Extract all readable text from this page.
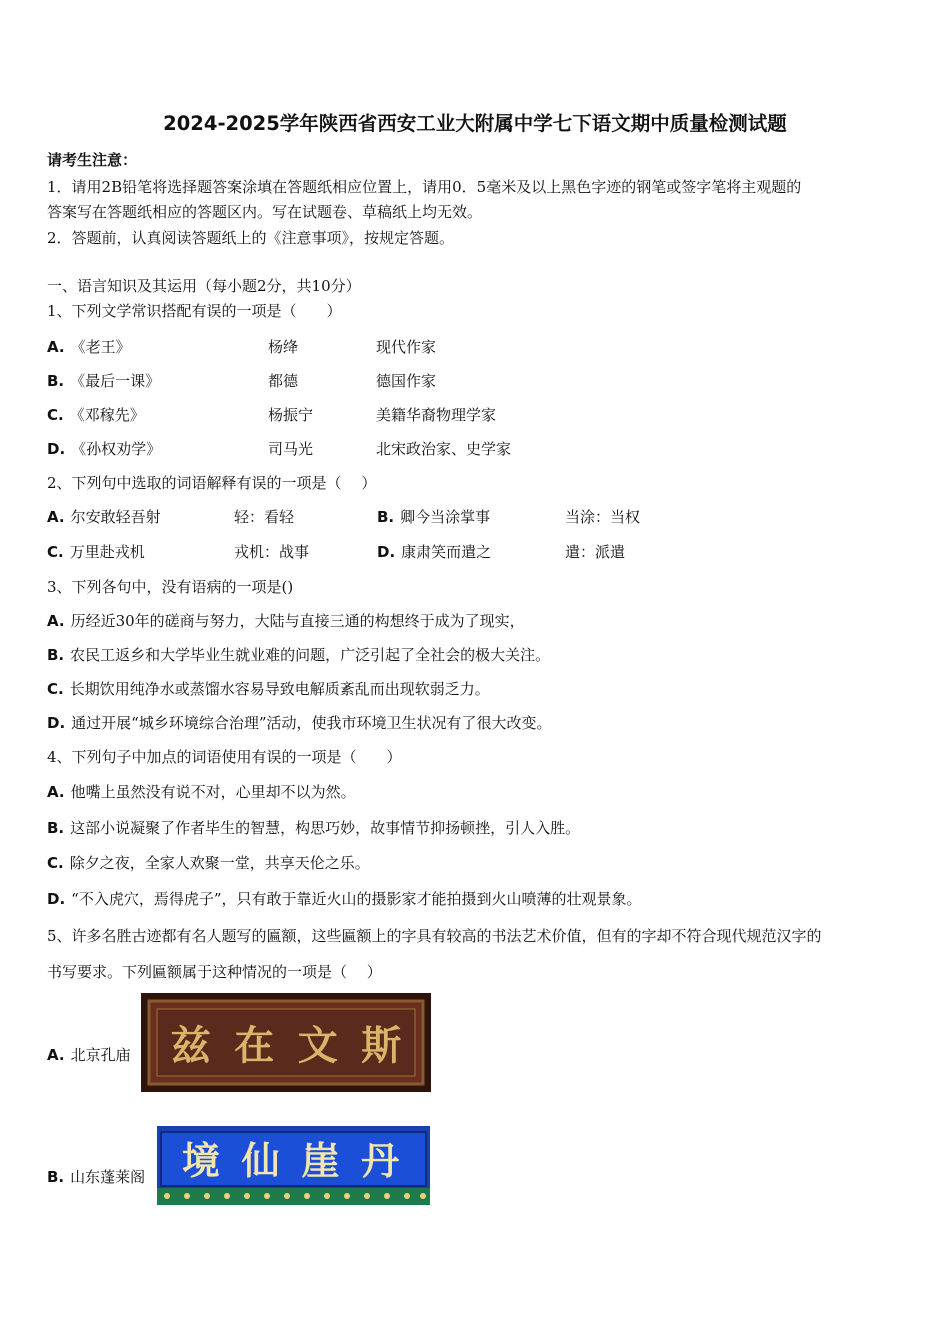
2024-2025学年陕西省西安工业大附属中学七下语文期中质量检测试题
请考生注意：
1．请用2B铅笔将选择题答案涂填在答题纸相应位置上，请用0．5毫米及以上黑色字迹的钢笔或签字笔将主观题的
答案写在答题纸相应的答题区内。写在试题卷、草稿纸上均无效。
2．答题前，认真阅读答题纸上的《注意事项》，按规定答题。
一、语言知识及其运用（每小题2分，共10分）
1、下列文学常识搭配有误的一项是（　　）
A. 《老王》	杨绛	现代作家
B. 《最后一课》	都德	德国作家
C. 《邓稼先》	杨振宁	美籍华裔物理学家
D. 《孙权劝学》	司马光	北宋政治家、史学家
2、下列句中选取的词语解释有误的一项是（　 ）
A. 尔安敢轻吾射	轻：看轻	B. 卿今当涂掌事	当涂：当权
C. 万里赴戎机	戎机：战事	D. 康肃笑而遣之	遣：派遣
3、下列各句中，没有语病的一项是()
A. 历经近30年的磋商与努力，大陆与直接三通的构想终于成为了现实，
B. 农民工返乡和大学毕业生就业难的问题，广泛引起了全社会的极大关注。
C. 长期饮用纯净水或蒸馏水容易导致电解质紊乱而出现软弱乏力。
D. 通过开展“城乡环境综合治理”活动，使我市环境卫生状况有了很大改变。
4、下列句子中加点的词语使用有误的一项是（　　）
A. 他嘴上虽然没有说不对，心里却不以为然。
B. 这部小说凝聚了作者毕生的智慧，构思巧妙，故事情节抑扬顿挫，引人入胜。
C. 除夕之夜，全家人欢聚一堂，共享天伦之乐。
D. “不入虎穴，焉得虎子”，只有敢于靠近火山的摄影家才能拍摄到火山喷薄的壮观景象。
5、许多名胜古迹都有名人题写的匾额，这些匾额上的字具有较高的书法艺术价值，但有的字却不符合现代规范汉字的
书写要求。下列匾额属于这种情况的一项是（　 ）
A. 北京孔庙 兹 在 文 斯
B. 山东蓬莱阁 境 仙 崖 丹
